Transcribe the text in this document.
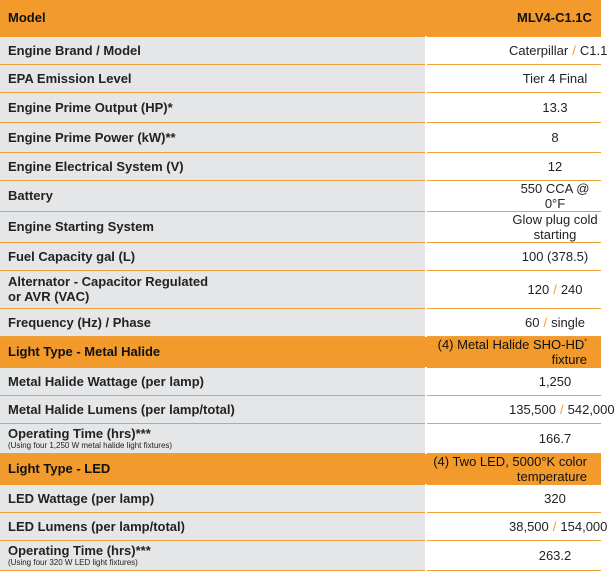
Model	MLV4-C1.1C
Engine Brand / Model	Caterpillar / C1.1
EPA Emission Level	Tier 4 Final
Engine Prime Output (HP)*	13.3
Engine Prime Power (kW)**	8
Engine Electrical System (V)	12
Battery	550 CCA @ 0°F
Engine Starting System	Glow plug cold starting
Fuel Capacity gal (L)	100 (378.5)
Alternator - Capacitor Regulated
or AVR (VAC)	120 / 240
Frequency (Hz) / Phase	60 / single
Light Type - Metal Halide	(4) Metal Halide SHO-HD* fixture
Metal Halide Wattage (per lamp)	1,250
Metal Halide Lumens (per lamp/total)	135,500 / 542,000
Operating Time (hrs)***
(Using four 1,250 W metal halide light fixtures)	166.7
Light Type - LED	(4) Two LED, 5000°K color temperature
LED Wattage (per lamp)	320
LED Lumens (per lamp/total)	38,500 / 154,000
Operating Time (hrs)***
(Using four 320 W LED light fixtures)	263.2
